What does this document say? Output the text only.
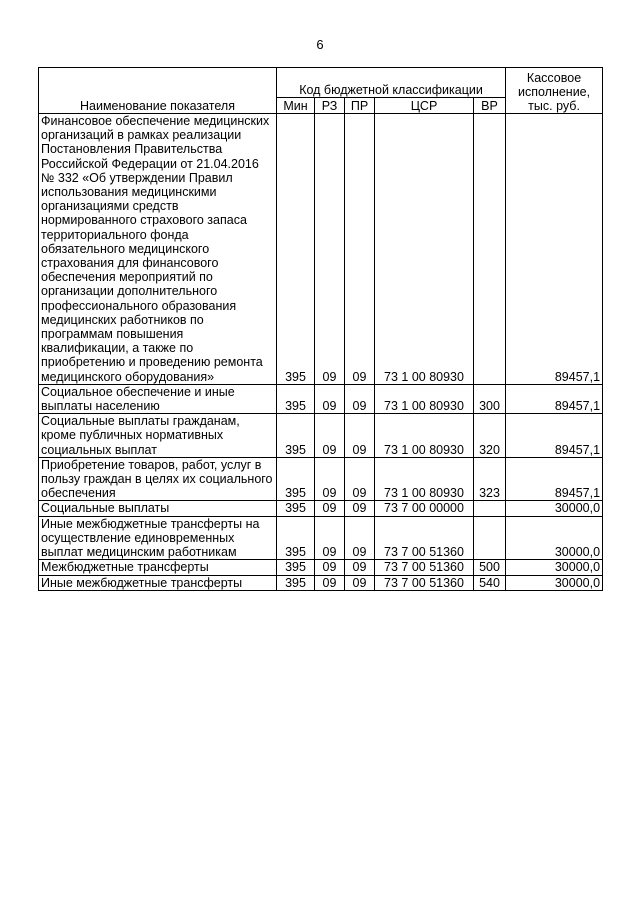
6
Наименование показателя	Код бюджетной классификации					Кассовое исполнение, тыс. руб.
	Мин	РЗ	ПР	ЦСР	ВР	
Финансовое обеспечение медицинских организаций в рамках реализации Постановления Правительства Российской Федерации от 21.04.2016 № 332 «Об утверждении Правил использования медицинскими организациями средств нормированного страхового запаса территориального фонда обязательного медицинского страхования для финансового обеспечения мероприятий по организации дополнительного профессионального образования медицинских работников по программам повышения квалификации, а также по приобретению и проведению ремонта медицинского оборудования»	395	09	09	73 1 00 80930		89457,1
Социальное обеспечение и иные выплаты населению	395	09	09	73 1 00 80930	300	89457,1
Социальные выплаты гражданам, кроме публичных нормативных социальных выплат	395	09	09	73 1 00 80930	320	89457,1
Приобретение товаров, работ, услуг в пользу граждан в целях их социального обеспечения	395	09	09	73 1 00 80930	323	89457,1
Социальные выплаты	395	09	09	73 7 00 00000		30000,0
Иные межбюджетные трансферты на осуществление единовременных выплат медицинским работникам	395	09	09	73 7 00 51360		30000,0
Межбюджетные трансферты	395	09	09	73 7 00 51360	500	30000,0
Иные межбюджетные трансферты	395	09	09	73 7 00 51360	540	30000,0
